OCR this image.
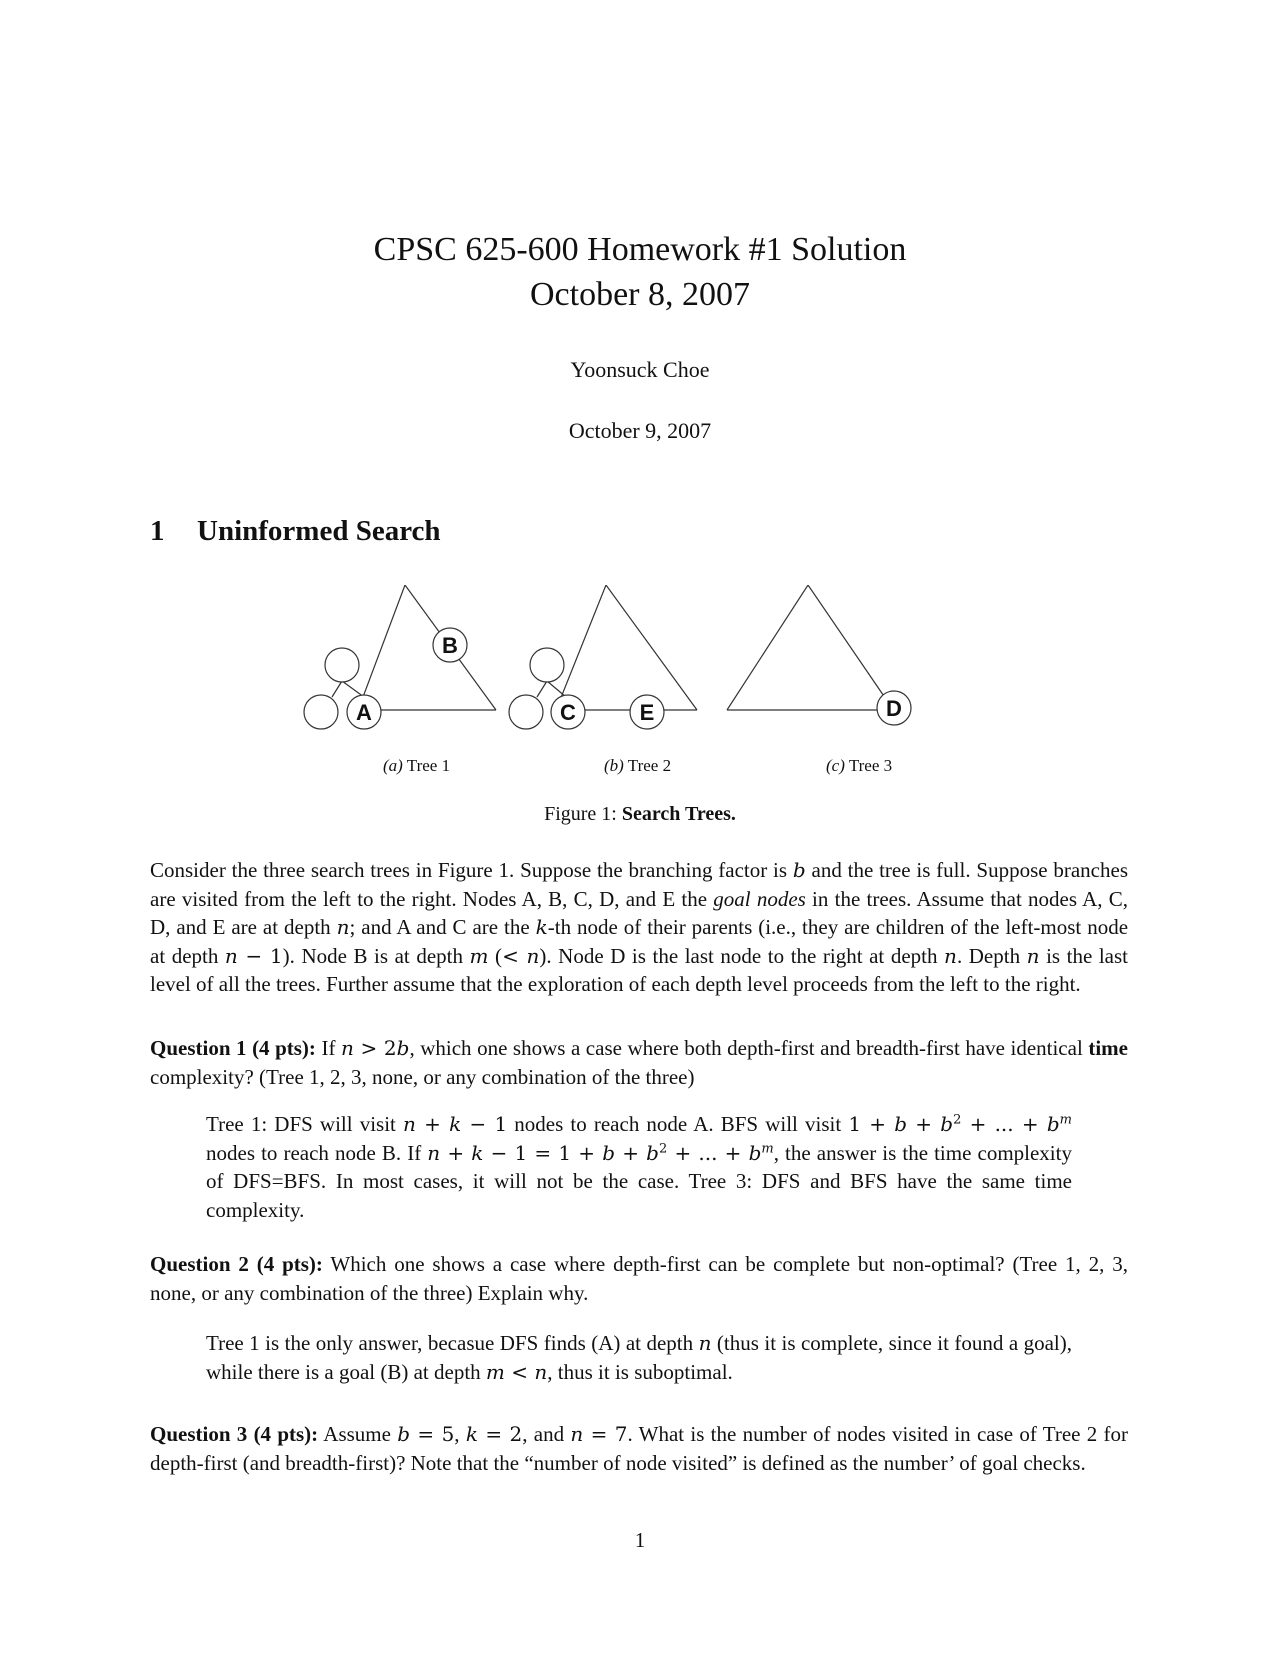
CPSC 625-600 Homework #1 Solution
October 8, 2007
Yoonsuck Choe
October 9, 2007
1 Uninformed Search
A
B
C	E	D
(a) Tree 1	(b) Tree 2	(c) Tree 3
Figure 1: Search Trees.
Consider the three search trees in Figure 1. Suppose the branching factor is b and the tree is full. Suppose branches are visited from the left to the right. Nodes A, B, C, D, and E the goal nodes in the trees. Assume that nodes A, C, D, and E are at depth n; and A and C are the k-th node of their parents (i.e., they are children of the left-most node at depth n − 1). Node B is at depth m (< n). Node D is the last node to the right at depth n. Depth n is the last level of all the trees. Further assume that the exploration of each depth level proceeds from the left to the right.
Question 1 (4 pts): If n > 2b, which one shows a case where both depth-first and breadth-first have identical time complexity? (Tree 1, 2, 3, none, or any combination of the three)
Tree 1: DFS will visit n + k − 1 nodes to reach node A. BFS will visit $1 + b + b^2$ + ... + $b^m$ nodes to reach node B. If $n + k - 1 = 1 + b + b^2$ + ... + $b^m$, the answer is the time complexity of DFS=BFS. In most cases, it will not be the case. Tree 3: DFS and BFS have the same time complexity.
Question 2 (4 pts): Which one shows a case where depth-first can be complete but non-optimal? (Tree 1, 2, 3, none, or any combination of the three) Explain why.
Tree 1 is the only answer, becasue DFS finds (A) at depth n (thus it is complete, since it found a goal), while there is a goal (B) at depth m < n, thus it is suboptimal.
Question 3 (4 pts): Assume b = 5, k = 2, and n = 7. What is the number of nodes visited in case of Tree 2 for depth-first (and breadth-first)? Note that the “number of node visited” is defined as the number’ of goal checks.
1
